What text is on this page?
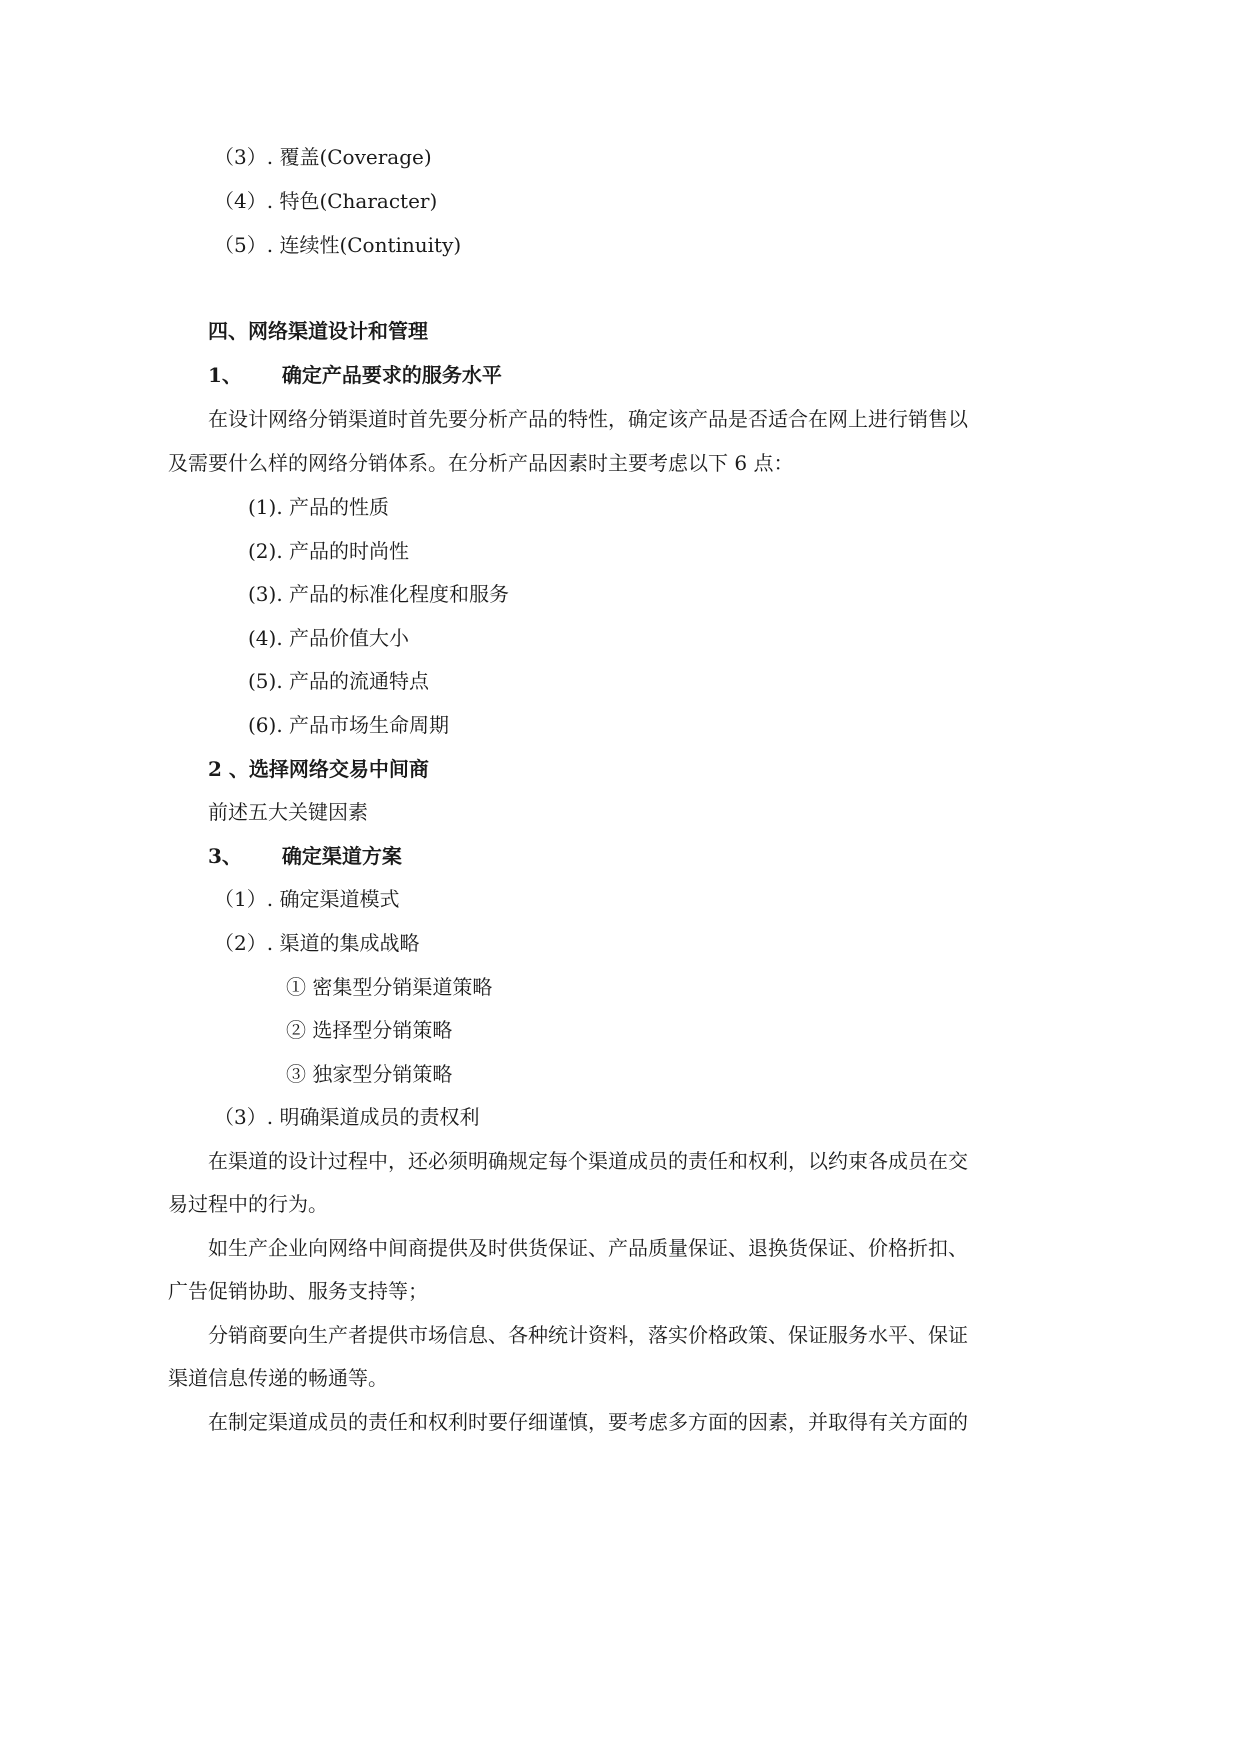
（3）. 覆盖(Coverage)
（4）. 特色(Character)
（5）. 连续性(Continuity)
四、网络渠道设计和管理
1、 确定产品要求的服务水平
在设计网络分销渠道时首先要分析产品的特性，确定该产品是否适合在网上进行销售以
及需要什么样的网络分销体系。在分析产品因素时主要考虑以下 6 点：
(1). 产品的性质
(2). 产品的时尚性
(3). 产品的标准化程度和服务
(4). 产品价值大小
(5). 产品的流通特点
(6). 产品市场生命周期
2 、选择网络交易中间商
前述五大关键因素
3、 确定渠道方案
（1）. 确定渠道模式
（2）. 渠道的集成战略
① 密集型分销渠道策略
② 选择型分销策略
③ 独家型分销策略
（3）. 明确渠道成员的责权利
在渠道的设计过程中，还必须明确规定每个渠道成员的责任和权利，以约束各成员在交
易过程中的行为。
如生产企业向网络中间商提供及时供货保证、产品质量保证、退换货保证、价格折扣、
广告促销协助、服务支持等；
分销商要向生产者提供市场信息、各种统计资料，落实价格政策、保证服务水平、保证
渠道信息传递的畅通等。
在制定渠道成员的责任和权利时要仔细谨慎，要考虑多方面的因素，并取得有关方面的
